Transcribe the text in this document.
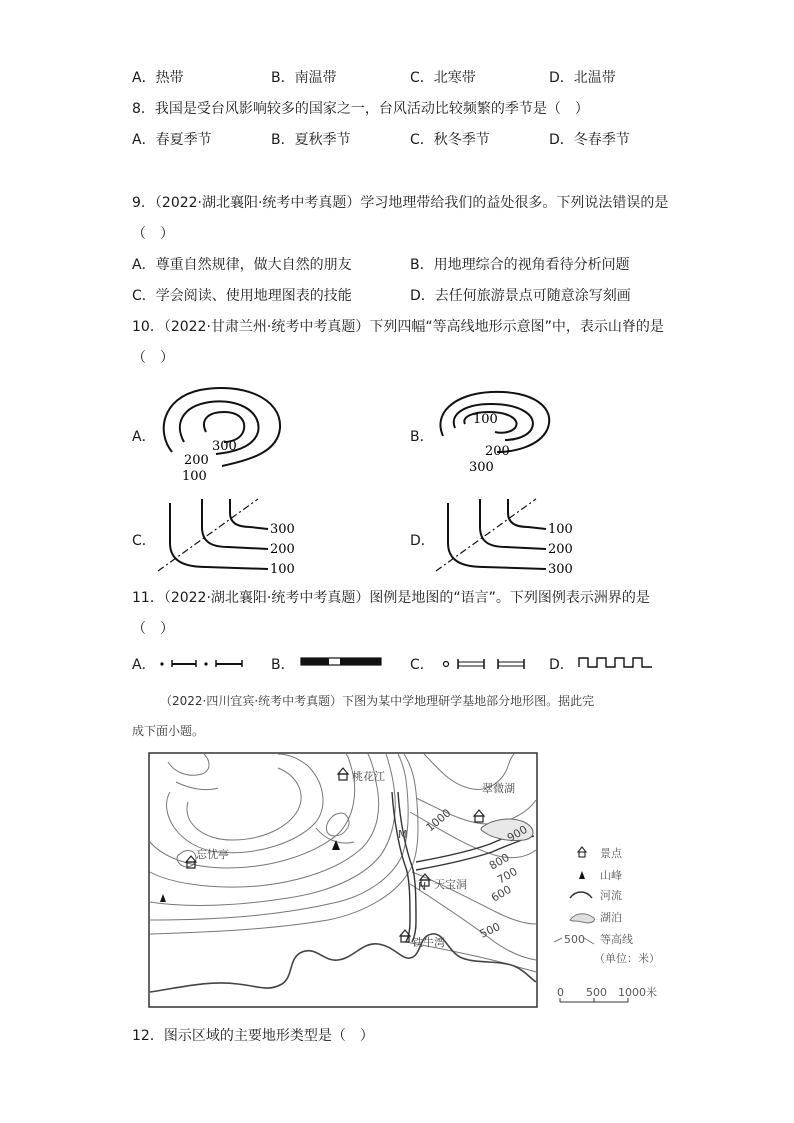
A．热带	B．南温带	C．北寒带	D．北温带
8．我国是受台风影响较多的国家之一，台风活动比较频繁的季节是（　）
A．春夏季节	B．夏秋季节	C．秋冬季节	D．冬春季节
9．（2022·湖北襄阳·统考中考真题）学习地理带给我们的益处很多。下列说法错误的是
（　）
A．尊重自然规律，做大自然的朋友	B．用地理综合的视角看待分析问题
C．学会阅读、使用地理图表的技能	D．去任何旅游景点可随意涂写刻画
10．（2022·甘肃兰州·统考中考真题）下列四幅“等高线地形示意图”中，表示山脊的是
（　）
A．
300
200
100
B．
100
200
300
C．
300
200
100
D．
100
200
300
11．（2022·湖北襄阳·统考中考真题）图例是地图的“语言”。下列图例表示洲界的是
（　）
A．	B．	C．	D．
（2022·四川宜宾·统考中考真题）下图为某中学地理研学基地部分地形图。据此完
成下面小题。
桃花江
翠微湖
忘忧亭
天宝洞
铁牛湾
M
N
1000	900
800
700
600
500
景点
山峰
河流
湖泊
500 等高线
（单位：米）
0 500 1000米
12．图示区域的主要地形类型是（　）
